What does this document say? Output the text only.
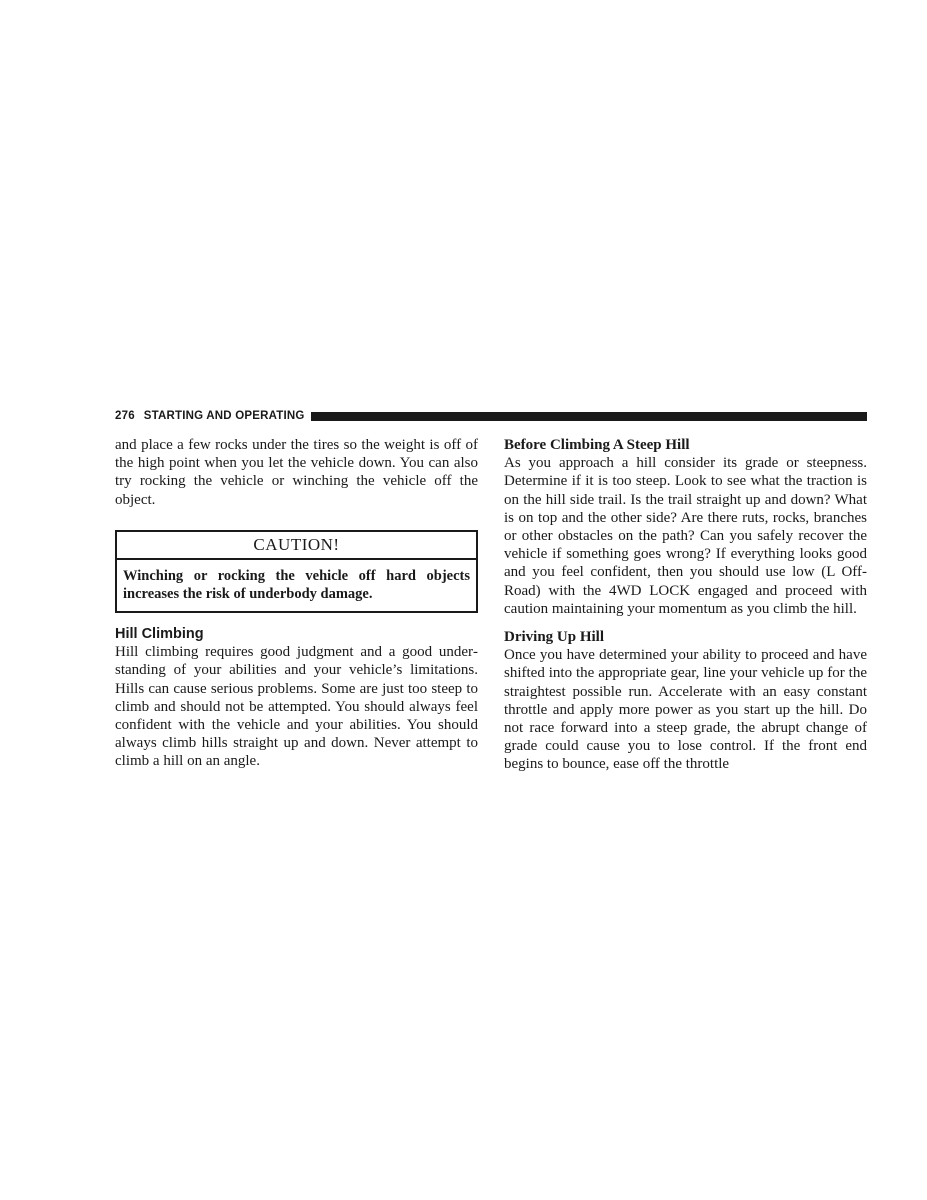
276 STARTING AND OPERATING

and place a few rocks under the tires so the weight is off of the high point when you let the vehicle down. You can also try rocking the vehicle or winching the vehicle off the object.

CAUTION!
Winching or rocking the vehicle off hard objects increases the risk of underbody damage.
Hill Climbing

Hill climbing requires good judgment and a good understanding of your abilities and your vehicle’s limitations. Hills can cause serious problems. Some are just too steep to climb and should not be attempted. You should always feel confident with the vehicle and your abilities. You should always climb hills straight up and down. Never attempt to climb a hill on an angle.

Before Climbing A Steep Hill

As you approach a hill consider its grade or steepness. Determine if it is too steep. Look to see what the traction is on the hill side trail. Is the trail straight up and down? What is on top and the other side? Are there ruts, rocks, branches or other obstacles on the path? Can you safely recover the vehicle if something goes wrong? If everything looks good and you feel confident, then you should use low (L Off-Road) with the 4WD LOCK engaged and proceed with caution maintaining your momentum as you climb the hill.

Driving Up Hill

Once you have determined your ability to proceed and have shifted into the appropriate gear, line your vehicle up for the straightest possible run. Accelerate with an easy constant throttle and apply more power as you start up the hill. Do not race forward into a steep grade, the abrupt change of grade could cause you to lose control. If the front end begins to bounce, ease off the throttle
